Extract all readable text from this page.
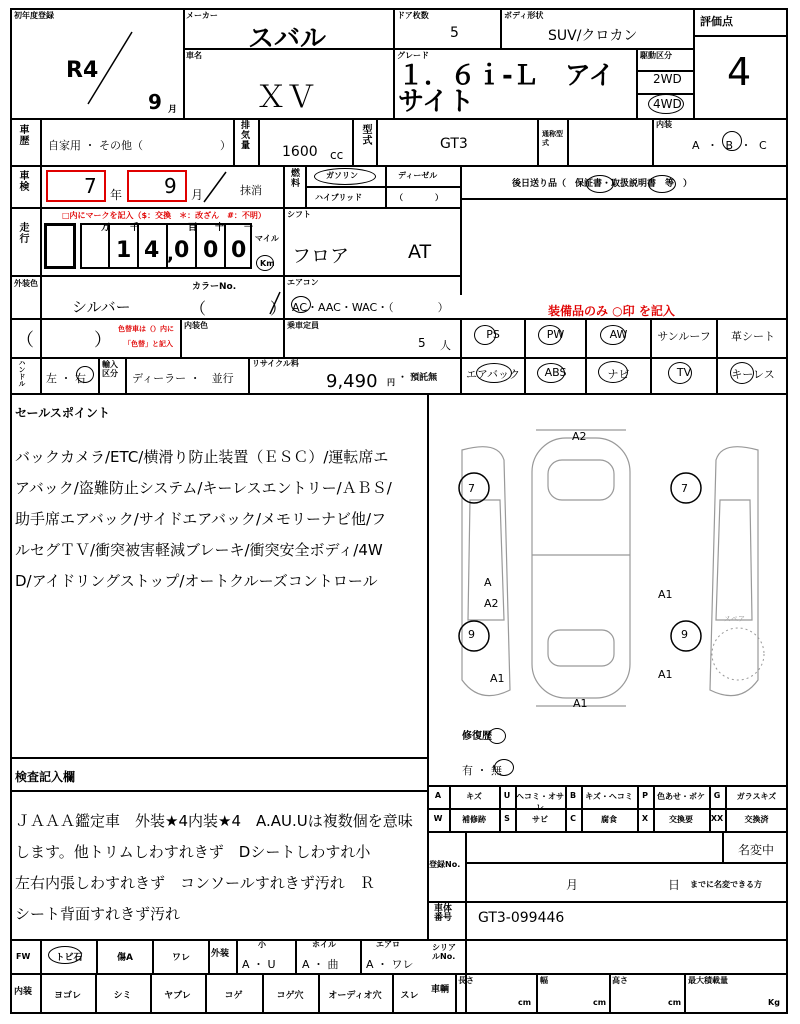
初年度登録
R4
9 月
メーカー
スバル
ドア枚数
5
ボディ形状
SUV/クロカン
評価点
4
車名
ＸＶ
グレード
１．６ｉ-Ｌ　アイ
サイト
駆動区分
2WD
4WD
車歴 自家用 ・ その他（　　　　　　　） 排気量
1600 cc
型式	GT3
通称型式
内装
A ・ B ・ C
車検	7 年 9 月	抹消
燃料	ガソリン	ディーゼル
ハイブリッド	（　　　　）
後日送り品（　保証書・取扱説明書　等　）
走行
□内にマークを記入（$：交換　＊：改ざん　#：不明）
万 千	百 十 一
1 4 , 0 0 0 マイル
Km
シフト
フロア	AT
外装色
シルバー
カラーNo.
（　　　　）
エアコン
AC・AAC・WAC・（　　　　）	装備品のみ ○印 を記入
（	）
色替車は（）内に
「色替」と記入
内装色	乗車定員
5 人
ハンドル 左 ・ 右
輸入区分	ディーラー ・　並行
リサイクル料
9,490 円 ・ 預託無
セールスポイント
バックカメラ/ETC/横滑り防止装置（ＥＳＣ）/運転席エ
アバック/盗難防止システム/キーレスエントリー/ＡＢＳ/
助手席エアバック/サイドエアバック/メモリーナビ他/フ
ルセグＴＶ/衝突被害軽減ブレーキ/衝突安全ボディ/4W
D/アイドリングストップ/オートクルーズコントロール
スペア
修復歴
有 ・ 無
検査記入欄
ＪＡＡＡ鑑定車　外装★4内装★4　A.AU.Uは複数個を意味
します。他トリムしわすれきず　Dシートしわすれ小
左右内張しわすれきず　コンソールすれきず汚れ　Ｒ
シート背面すれきず汚れ
登録No.
名変中
月	日 までに名変できる方
車体番号	GT3-099446
シリアルNo.
車輌
長さ
cm
幅
cm
高さ
cm
最大積載量
Kg
FW	外装
小
A ・ U
ホイル
A ・ 曲
エアロ
A ・ ワレ
内装
PS	PW	AW	サンルーフ	革シート
エアバック	ABS	ナビ	TV	キーレス
A2
7	7
A
A2
A1
9	9
A1	A1
A1
A	キズ	U ヘコミ・オサレ
B	キズ・ヘコミ	P	色あせ・ボケ	G	ガラスキズ
W	補修跡	S	サビ	C	腐食	X	交換要	XX	交換済
トビ石	傷A	ワレ
ヨゴレ	シミ	ヤブレ	コゲ	コゲ穴	オーディオ穴	スレ
